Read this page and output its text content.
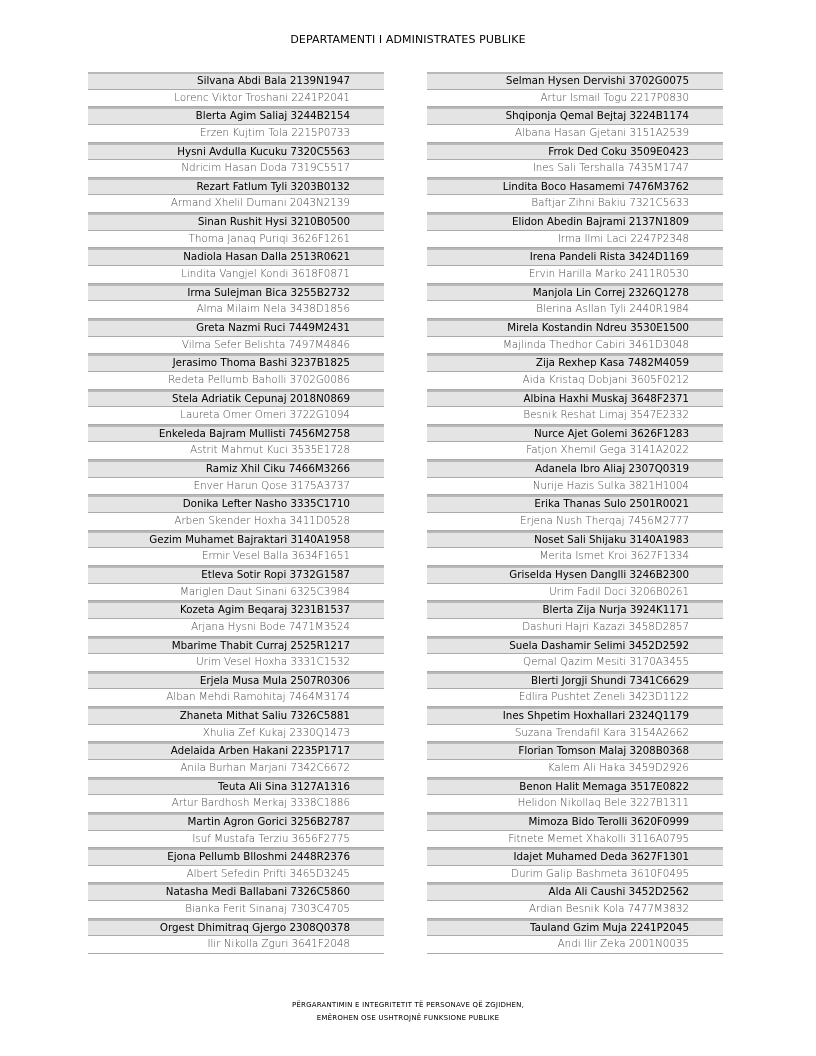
DEPARTAMENTI I ADMINISTRATES PUBLIKE
Silvana Abdi Bala 2139N1947
Lorenc Viktor Troshani 2241P2041
Blerta Agim Saliaj 3244B2154
Erzen Kujtim Tola 2215P0733
Hysni Avdulla Kucuku 7320C5563
Ndricim Hasan Doda 7319C5517
Rezart Fatlum Tyli 3203B0132
Armand Xhelil Dumani 2043N2139
Sinan Rushit Hysi 3210B0500
Thoma Janaq Puriqi 3626F1261
Nadiola Hasan Dalla 2513R0621
Lindita Vangjel Kondi 3618F0871
Irma Sulejman Bica 3255B2732
Alma Milaim Nela 3438D1856
Greta Nazmi Ruci 7449M2431
Vilma Sefer Belishta 7497M4846
Jerasimo Thoma Bashi 3237B1825
Redeta Pellumb Baholli 3702G0086
Stela Adriatik Cepunaj 2018N0869
Laureta Omer Omeri 3722G1094
Enkeleda Bajram Mullisti 7456M2758
Astrit Mahmut Kuci 3535E1728
Ramiz Xhil Ciku 7466M3266
Enver Harun Qose 3175A3737
Donika Lefter Nasho 3335C1710
Arben Skender Hoxha 3411D0528
Gezim Muhamet Bajraktari 3140A1958
Ermir Vesel Balla 3634F1651
Etleva Sotir Ropi 3732G1587
Mariglen Daut Sinani 6325C3984
Kozeta Agim Beqaraj 3231B1537
Arjana Hysni Bode 7471M3524
Mbarime Thabit Curraj 2525R1217
Urim Vesel Hoxha 3331C1532
Erjela Musa Mula 2507R0306
Alban Mehdi Ramohitaj 7464M3174
Zhaneta Mithat Saliu 7326C5881
Xhulia Zef Kukaj 2330Q1473
Adelaida Arben Hakani 2235P1717
Anila Burhan Marjani 7342C6672
Teuta Ali Sina 3127A1316
Artur Bardhosh Merkaj 3338C1886
Martin Agron Gorici 3256B2787
Isuf Mustafa Terziu 3656F2775
Ejona Pellumb Blloshmi 2448R2376
Albert Sefedin Prifti 3465D3245
Natasha Medi Ballabani 7326C5860
Bianka Ferit Sinanaj 7303C4705
Orgest Dhimitraq Gjergo 2308Q0378
Ilir Nikolla Zguri 3641F2048
Selman Hysen Dervishi 3702G0075
Artur Ismail Togu 2217P0830
Shqiponja Qemal Bejtaj 3224B1174
Albana Hasan Gjetani 3151A2539
Frrok Ded Coku 3509E0423
Ines Sali Tershalla 7435M1747
Lindita Boco Hasamemi 7476M3762
Baftjar Zihni Bakiu 7321C5633
Elidon Abedin Bajrami 2137N1809
Irma Ilmi Laci 2247P2348
Irena Pandeli Rista 3424D1169
Ervin Harilla Marko 2411R0530
Manjola Lin Correj 2326Q1278
Blerina Asllan Tyli 2440R1984
Mirela Kostandin Ndreu 3530E1500
Majlinda Thedhor Cabiri 3461D3048
Zija Rexhep Kasa 7482M4059
Aida Kristaq Dobjani 3605F0212
Albina Haxhi Muskaj 3648F2371
Besnik Reshat Limaj 3547E2332
Nurce Ajet Golemi 3626F1283
Fatjon Xhemil Gega 3141A2022
Adanela Ibro Aliaj 2307Q0319
Nurije Hazis Sulka 3821H1004
Erika Thanas Sulo 2501R0021
Erjena Nush Therqaj 7456M2777
Noset Sali Shijaku 3140A1983
Merita Ismet Kroi 3627F1334
Griselda Hysen Danglli 3246B2300
Urim Fadil Doci 3206B0261
Blerta Zija Nurja 3924K1171
Dashuri Hajri Kazazi 3458D2857
Suela Dashamir Selimi 3452D2592
Qemal Qazim Mesiti 3170A3455
Blerti Jorgji Shundi 7341C6629
Edlira Pushtet Zeneli 3423D1122
Ines Shpetim Hoxhallari 2324Q1179
Suzana Trendafil Kara 3154A2662
Florian Tomson Malaj 3208B0368
Kalem Ali Haka 3459D2926
Benon Halit Memaga 3517E0822
Helidon Nikollaq Bele 3227B1311
Mimoza Bido Terolli 3620F0999
Fitnete Memet Xhakolli 3116A0795
Idajet Muhamed Deda 3627F1301
Durim Galip Bashmeta 3610F0495
Alda Ali Caushi 3452D2562
Ardian Besnik Kola 7477M3832
Tauland Gzim Muja 2241P2045
Andi Ilir Zeka 2001N0035
PËRGARANTIMIN E INTEGRITETIT TË PERSONAVE QË ZGJIDHEN,
EMËROHEN OSE USHTROJNË FUNKSIONE PUBLIKE
